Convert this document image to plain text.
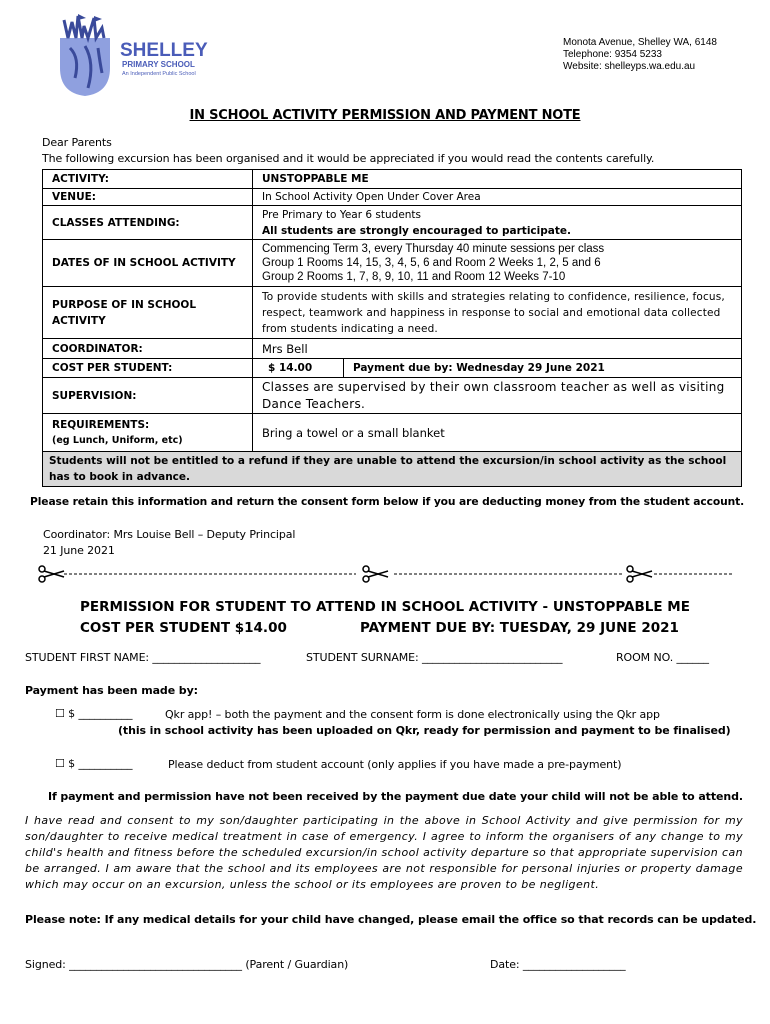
SHELLEY
PRIMARY SCHOOL
An Independent Public School
Monota Avenue, Shelley WA, 6148
Telephone: 9354 5233
Website: shelleyps.wa.edu.au
IN SCHOOL ACTIVITY PERMISSION AND PAYMENT NOTE
Dear Parents
The following excursion has been organised and it would be appreciated if you would read the contents carefully.
ACTIVITY:	UNSTOPPABLE ME	
VENUE:	In School Activity Open Under Cover Area	
CLASSES ATTENDING:	Pre Primary to Year 6 students
All students are strongly encouraged to participate.	

DATES OF IN SCHOOL ACTIVITY	Commencing Term 3, every Thursday 40 minute sessions per class
Group 1 Rooms 14, 15, 3, 4, 5, 6 and Room 2 Weeks 1, 2, 5 and 6
Group 2 Rooms 1, 7, 8, 9, 10, 11 and Room 12 Weeks 7-10	

PURPOSE OF IN SCHOOL
ACTIVITY	To provide students with skills and strategies relating to confidence, resilience, focus, respect, teamwork and happiness in response to social and emotional data collected from students indicating a need.	
COORDINATOR:	Mrs Bell	
COST PER STUDENT:	$ 14.00	Payment due by: Wednesday 29 June 2021
SUPERVISION:	Classes are supervised by their own classroom teacher as well as visiting Dance Teachers.	

REQUIREMENTS:
(eg Lunch, Uniform, etc)	Bring a towel or a small blanket	
Students will not be entitled to a refund if they are unable to attend the excursion/in school activity as the school has to book in advance.		
Please retain this information and return the consent form below if you are deducting money from the student account.
Coordinator: Mrs Louise Bell – Deputy Principal
21 June 2021
PERMISSION FOR STUDENT TO ATTEND IN SCHOOL ACTIVITY - UNSTOPPABLE ME
COST PER STUDENT $14.00	PAYMENT DUE BY: TUESDAY, 29 JUNE 2021
STUDENT FIRST NAME: ____________________	STUDENT SURNAME: __________________________	ROOM NO. ______
Payment has been made by:
☐ $ __________	Qkr app! – both the payment and the consent form is done electronically using the Qkr app
(this in school activity has been uploaded on Qkr, ready for permission and payment to be finalised)
☐ $ __________	Please deduct from student account (only applies if you have made a pre-payment)
If payment and permission have not been received by the payment due date your child will not be able to attend.
I have read and consent to my son/daughter participating in the above in School Activity and give permission for my son/daughter to receive medical treatment in case of emergency. I agree to inform the organisers of any change to my child's health and fitness before the scheduled excursion/in school activity departure so that appropriate supervision can be arranged. I am aware that the school and its employees are not responsible for personal injuries or property damage which may occur on an excursion, unless the school or its employees are proven to be negligent.
Please note: If any medical details for your child have changed, please email the office so that records can be updated.
Signed: ________________________________ (Parent / Guardian)	Date: ___________________
